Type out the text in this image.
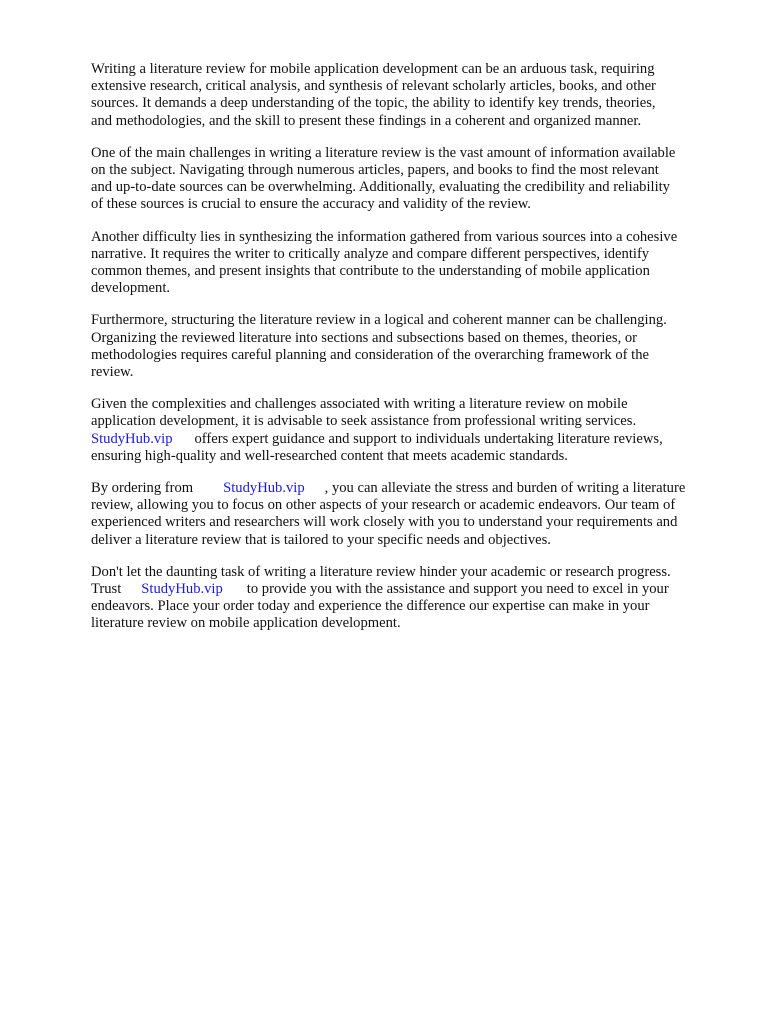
Writing a literature review for mobile application development can be an arduous task, requiring
extensive research, critical analysis, and synthesis of relevant scholarly articles, books, and other
sources. It demands a deep understanding of the topic, the ability to identify key trends, theories,
and methodologies, and the skill to present these findings in a coherent and organized manner.

One of the main challenges in writing a literature review is the vast amount of information available
on the subject. Navigating through numerous articles, papers, and books to find the most relevant
and up-to-date sources can be overwhelming. Additionally, evaluating the credibility and reliability
of these sources is crucial to ensure the accuracy and validity of the review.

Another difficulty lies in synthesizing the information gathered from various sources into a cohesive
narrative. It requires the writer to critically analyze and compare different perspectives, identify
common themes, and present insights that contribute to the understanding of mobile application
development.

Furthermore, structuring the literature review in a logical and coherent manner can be challenging.
Organizing the reviewed literature into sections and subsections based on themes, theories, or
methodologies requires careful planning and consideration of the overarching framework of the
review.

Given the complexities and challenges associated with writing a literature review on mobile
application development, it is advisable to seek assistance from professional writing services.
StudyHub.vip offers expert guidance and support to individuals undertaking literature reviews,
ensuring high-quality and well-researched content that meets academic standards.

By ordering from StudyHub.vip , you can alleviate the stress and burden of writing a literature
review, allowing you to focus on other aspects of your research or academic endeavors. Our team of
experienced writers and researchers will work closely with you to understand your requirements and
deliver a literature review that is tailored to your specific needs and objectives.

Don't let the daunting task of writing a literature review hinder your academic or research progress.
Trust StudyHub.vip to provide you with the assistance and support you need to excel in your
endeavors. Place your order today and experience the difference our expertise can make in your
literature review on mobile application development.
